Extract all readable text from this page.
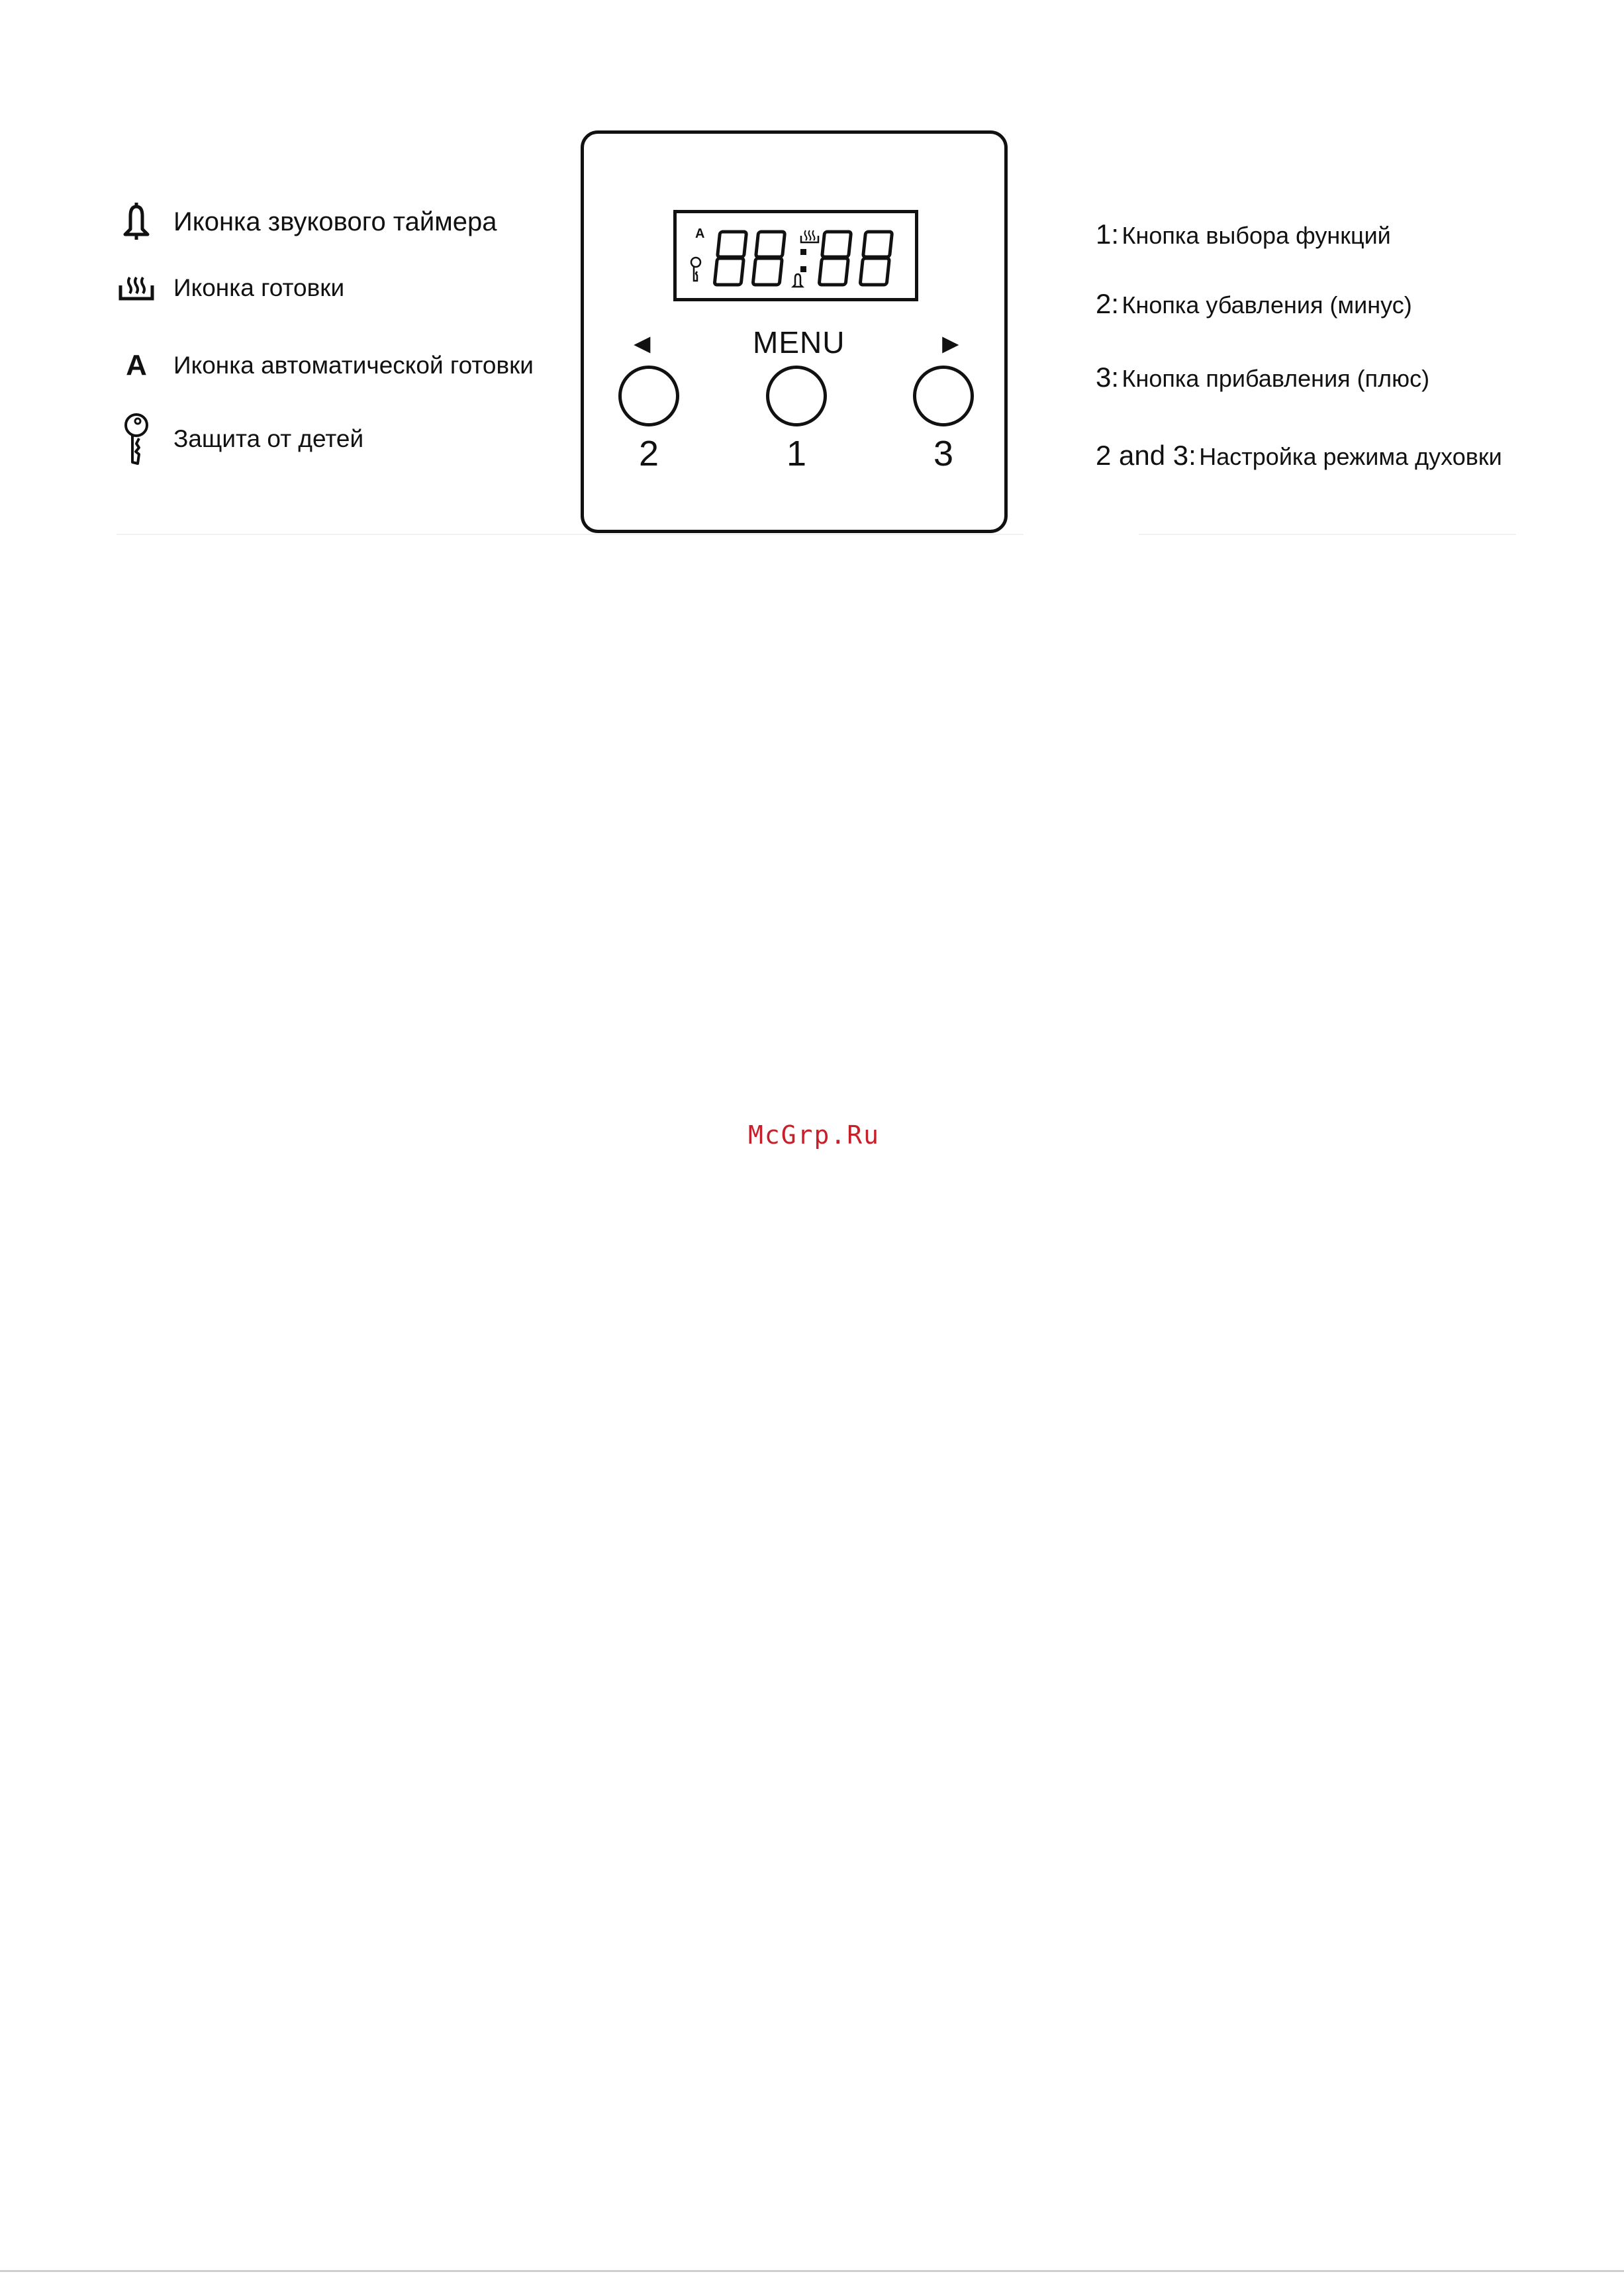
Иконка звукового таймера
Иконка готовки
A	Иконка автоматической готовки
Защита от детей
A
◄	MENU	►
2	1	3
1: Кнопка выбора функций
2: Кнопка убавления (минус)
3: Кнопка прибавления (плюс)
2 and 3: Настройка режима духовки
McGrp.Ru
